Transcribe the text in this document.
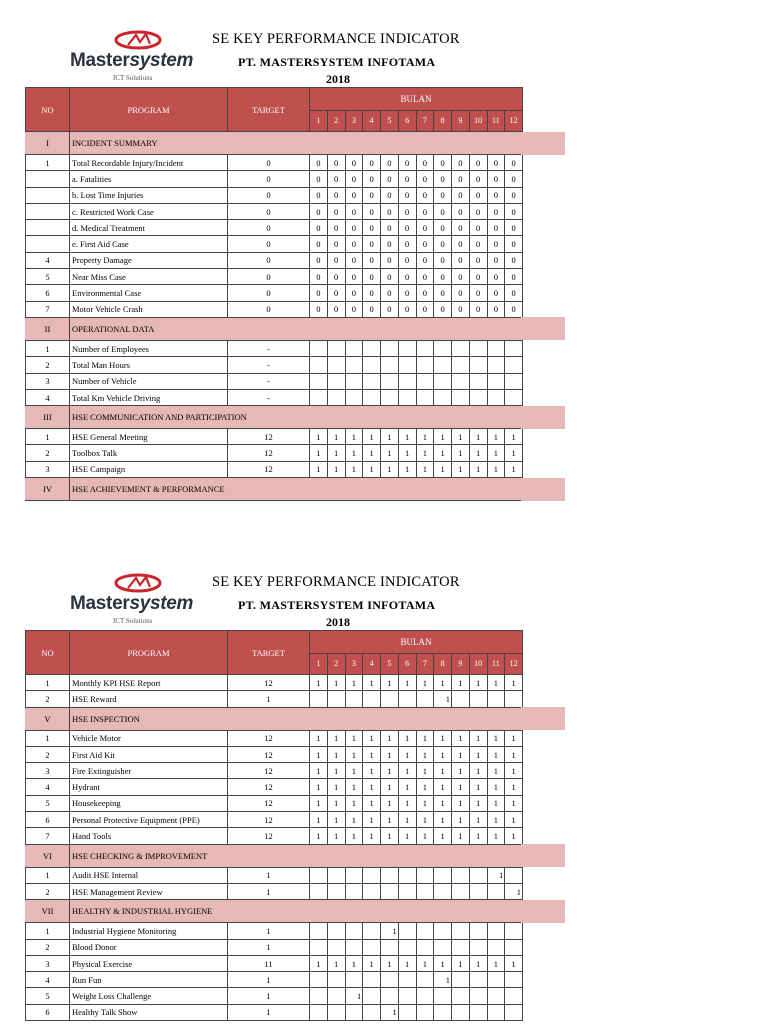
Mastersystem
ICT Solutions
SE KEY PERFORMANCE INDICATOR
PT. MASTERSYSTEM INFOTAMA
2018
NO	PROGRAM	TARGET	BULAN											
			1	2	3	4	5	6	7	8	9	10	11	12
I	INCIDENT SUMMARY													
1	Total Recordable Injury/Incident	0	0	0	0	0	0	0	0	0	0	0	0	0
	a. Fatalities	0	0	0	0	0	0	0	0	0	0	0	0	0
	b. Lost Time Injuries	0	0	0	0	0	0	0	0	0	0	0	0	0
	c. Restricted Work Case	0	0	0	0	0	0	0	0	0	0	0	0	0
	d. Medical Treatment	0	0	0	0	0	0	0	0	0	0	0	0	0
	e. First Aid Case	0	0	0	0	0	0	0	0	0	0	0	0	0
4	Property Damage	0	0	0	0	0	0	0	0	0	0	0	0	0
5	Near Miss Case	0	0	0	0	0	0	0	0	0	0	0	0	0
6	Environmental Case	0	0	0	0	0	0	0	0	0	0	0	0	0
7	Motor Vehicle Crash	0	0	0	0	0	0	0	0	0	0	0	0	0
II	OPERATIONAL DATA													
1	Number of Employees	-												
2	Total Man Hours	-												
3	Number of Vehicle	-												
4	Total Km Vehicle Driving	-												
III	HSE COMMUNICATION AND PARTICIPATION													
1	HSE General Meeting	12	1	1	1	1	1	1	1	1	1	1	1	1
2	Toolbox Talk	12	1	1	1	1	1	1	1	1	1	1	1	1
3	HSE Campaign	12	1	1	1	1	1	1	1	1	1	1	1	1
IV	HSE ACHIEVEMENT & PERFORMANCE													
Mastersystem
ICT Solutions
SE KEY PERFORMANCE INDICATOR
PT. MASTERSYSTEM INFOTAMA
2018
NO	PROGRAM	TARGET	BULAN											
			1	2	3	4	5	6	7	8	9	10	11	12
1	Monthly KPI HSE Report	12	1	1	1	1	1	1	1	1	1	1	1	1
2	HSE Reward	1								1				
V	HSE INSPECTION													
1	Vehicle Motor	12	1	1	1	1	1	1	1	1	1	1	1	1
2	First Aid Kit	12	1	1	1	1	1	1	1	1	1	1	1	1
3	Fire Extinguisher	12	1	1	1	1	1	1	1	1	1	1	1	1
4	Hydrant	12	1	1	1	1	1	1	1	1	1	1	1	1
5	Housekeeping	12	1	1	1	1	1	1	1	1	1	1	1	1
6	Personal Protective Equipment (PPE)	12	1	1	1	1	1	1	1	1	1	1	1	1
7	Hand Tools	12	1	1	1	1	1	1	1	1	1	1	1	1
VI	HSE CHECKING & IMPROVEMENT													
1	Audit HSE Internal	1											1	
2	HSE Management Review	1												1
VII	HEALTHY & INDUSTRIAL HYGIENE													
1	Industrial Hygiene Monitoring	1					1							
2	Blood Donor	1												
3	Physical Exercise	11	1	1	1	1	1	1	1	1	1	1	1	1
4	Run Fun	1								1				
5	Weight Loss Challenge	1			1									
6	Healthy Talk Show	1					1							
